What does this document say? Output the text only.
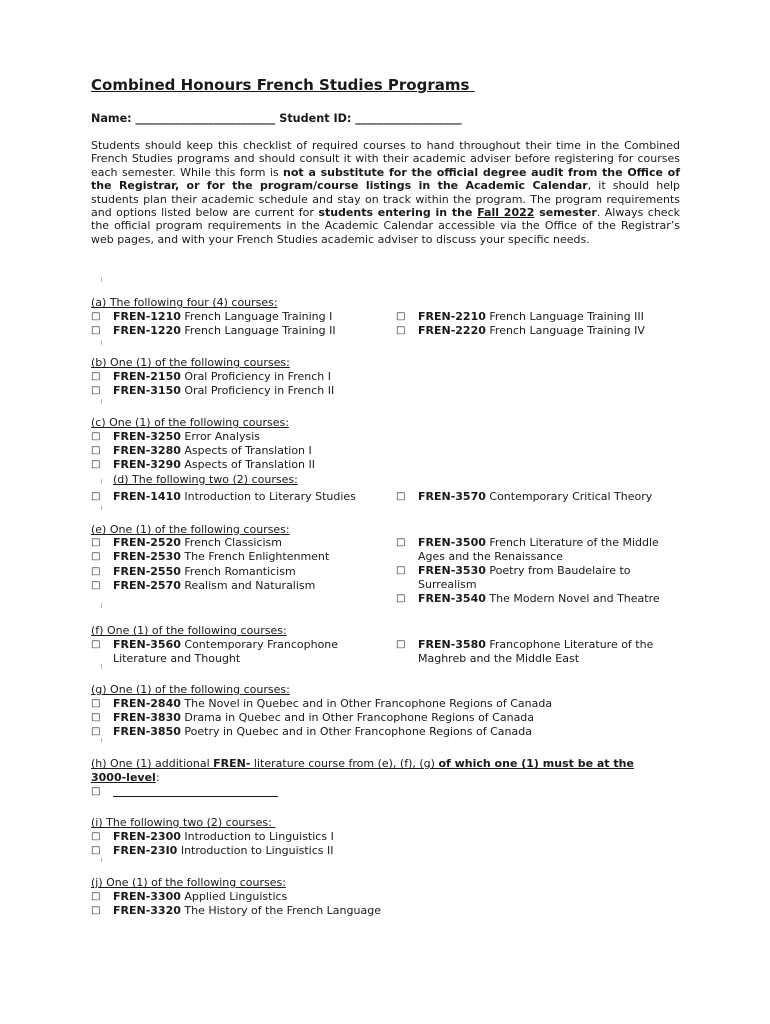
Combined Honours French Studies Programs
Name: _________________________ Student ID: ___________________
Students should keep this checklist of required courses to hand throughout their time in the Combined French Studies programs and should consult it with their academic adviser before registering for courses each semester. While this form is not a substitute for the official degree audit from the Office of the Registrar, or for the program/course listings in the Academic Calendar, it should help students plan their academic schedule and stay on track within the program. The program requirements and options listed below are current for students entering in the Fall 2022 semester. Always check the official program requirements in the Academic Calendar accessible via the Office of the Registrar’s web pages, and with your French Studies academic adviser to discuss your specific needs.
(a) The following four (4) courses:
□ FREN-1210 French Language Training I
□ FREN-1220 French Language Training II
□ FREN-2210 French Language Training III
□ FREN-2220 French Language Training IV
(b) One (1) of the following courses:
□ FREN-2150 Oral Proficiency in French I
□ FREN-3150 Oral Proficiency in French II
(c) One (1) of the following courses:
□ FREN-3250 Error Analysis
□ FREN-3280 Aspects of Translation I
□ FREN-3290 Aspects of Translation II
(d) The following two (2) courses:
□ FREN-1410 Introduction to Literary Studies	□ FREN-3570 Contemporary Critical Theory
(e) One (1) of the following courses:
□ FREN-2520 French Classicism
□ FREN-2530 The French Enlightenment
□ FREN-2550 French Romanticism
□ FREN-2570 Realism and Naturalism
□ FREN-3500 French Literature of the Middle Ages and the Renaissance
□ FREN-3530 Poetry from Baudelaire to Surrealism
□ FREN-3540 The Modern Novel and Theatre
(f) One (1) of the following courses:
□ FREN-3560 Contemporary Francophone Literature and Thought
□ FREN-3580 Francophone Literature of the Maghreb and the Middle East
(g) One (1) of the following courses:
□ FREN-2840 The Novel in Quebec and in Other Francophone Regions of Canada
□ FREN-3830 Drama in Quebec and in Other Francophone Regions of Canada
□ FREN-3850 Poetry in Quebec and in Other Francophone Regions of Canada
(h) One (1) additional FREN- literature course from (e), (f), (g) of which one (1) must be at the
3000-level:
□
(i) The following two (2) courses:
□ FREN-2300 Introduction to Linguistics I
□ FREN-23I0 Introduction to Linguistics II
(j) One (1) of the following courses:
□ FREN-3300 Applied Linguistics
□ FREN-3320 The History of the French Language
